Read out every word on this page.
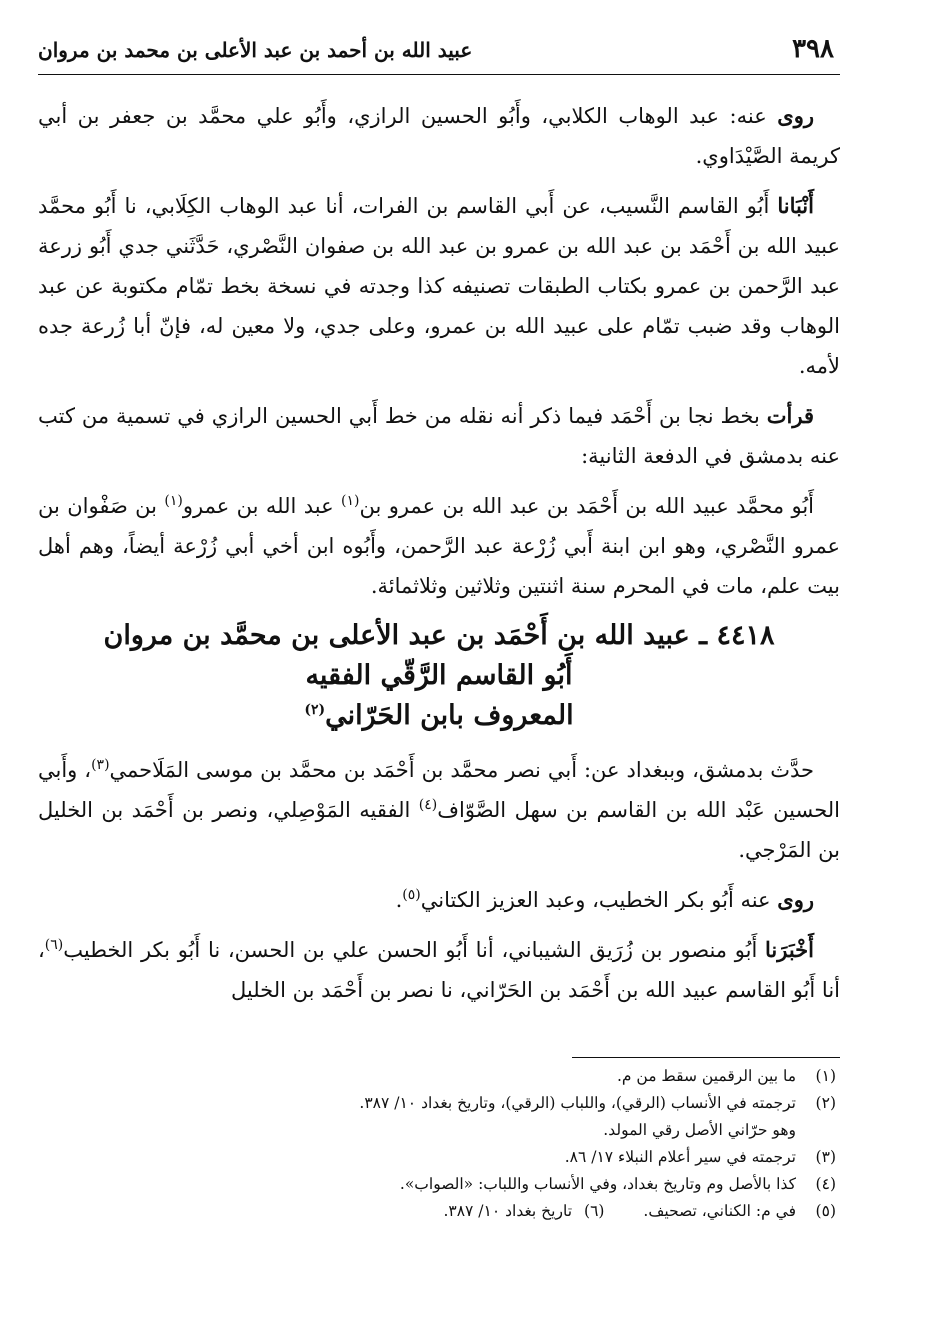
٣٩٨
عبيد الله بن أحمد بن عبد الأعلى بن محمد بن مروان

روى عنه: عبد الوهاب الكلابي، وأَبُو الحسين الرازي، وأَبُو علي محمَّد بن جعفر بن أبي كريمة الصَّيْدَاوي.

أَنْبَانا أَبُو القاسم النَّسيب، عن أَبي القاسم بن الفرات، أنا عبد الوهاب الكِلَابي، نا أَبُو محمَّد عبيد الله بن أَحْمَد بن عبد الله بن عمرو بن عبد الله بن صفوان النَّصْري، حَدَّثَني جدي أَبُو زرعة عبد الرَّحمن بن عمرو بكتاب الطبقات تصنيفه كذا وجدته في نسخة بخط تمّام مكتوبة عن عبد الوهاب وقد ضبب تمّام على عبيد الله بن عمرو، وعلى جدي، ولا معين له، فإنّ أبا زُرعة جده لأمه.

قرأت بخط نجا بن أَحْمَد فيما ذكر أنه نقله من خط أَبي الحسين الرازي في تسمية من كتب عنه بدمشق في الدفعة الثانية:

أَبُو محمَّد عبيد الله بن أَحْمَد بن عبد الله بن عمرو بن$^{(١)}$ عبد الله بن عمرو$^{(١)}$ بن صَفْوان بن عمرو النَّصْري، وهو ابن ابنة أَبي زُرْعة عبد الرَّحمن، وأَبُوه ابن أخي أبي زُرْعة أيضاً، وهم أهل بيت علم، مات في المحرم سنة اثنتين وثلاثين وثلاثمائة.

٤٤١٨ ـ عبيد الله بن أَحْمَد بن عبد الأعلى بن محمَّد بن مروان
أَبُو القاسم الرَّقّي الفقيه
المعروف بابن الحَرّاني$^{(٢)}$

حدَّث بدمشق، وببغداد عن: أَبي نصر محمَّد بن أَحْمَد بن محمَّد بن موسى المَلَاحمي$^{(٣)}$، وأَبي الحسين عَبْد الله بن القاسم بن سهل الصَّوّاف$^{(٤)}$ الفقيه المَوْصِلي، ونصر بن أَحْمَد بن الخليل بن المَرْجي.

روى عنه أَبُو بكر الخطيب، وعبد العزيز الكتاني$^{(٥)}$.

أَخْبَرَنا أَبُو منصور بن زُرَيق الشيباني، أنا أَبُو الحسن علي بن الحسن، نا أَبُو بكر الخطيب$^{(٦)}$، أنا أَبُو القاسم عبيد الله بن أَحْمَد بن الحَرّاني، نا نصر بن أَحْمَد بن الخليل

(١)
ما بين الرقمين سقط من م.
(٢)
ترجمته في الأنساب (الرقي)، واللباب (الرقي)، وتاريخ بغداد ١٠/ ٣٨٧.
وهو حرّاني الأصل رقي المولد.
(٣)
ترجمته في سير أعلام النبلاء ١٧/ ٨٦.
(٤)
كذا بالأصل وم وتاريخ بغداد، وفي الأنساب واللباب: «الصواب».
(٥)
في م: الكناني، تصحيف. (٦)تاريخ بغداد ١٠/ ٣٨٧.
